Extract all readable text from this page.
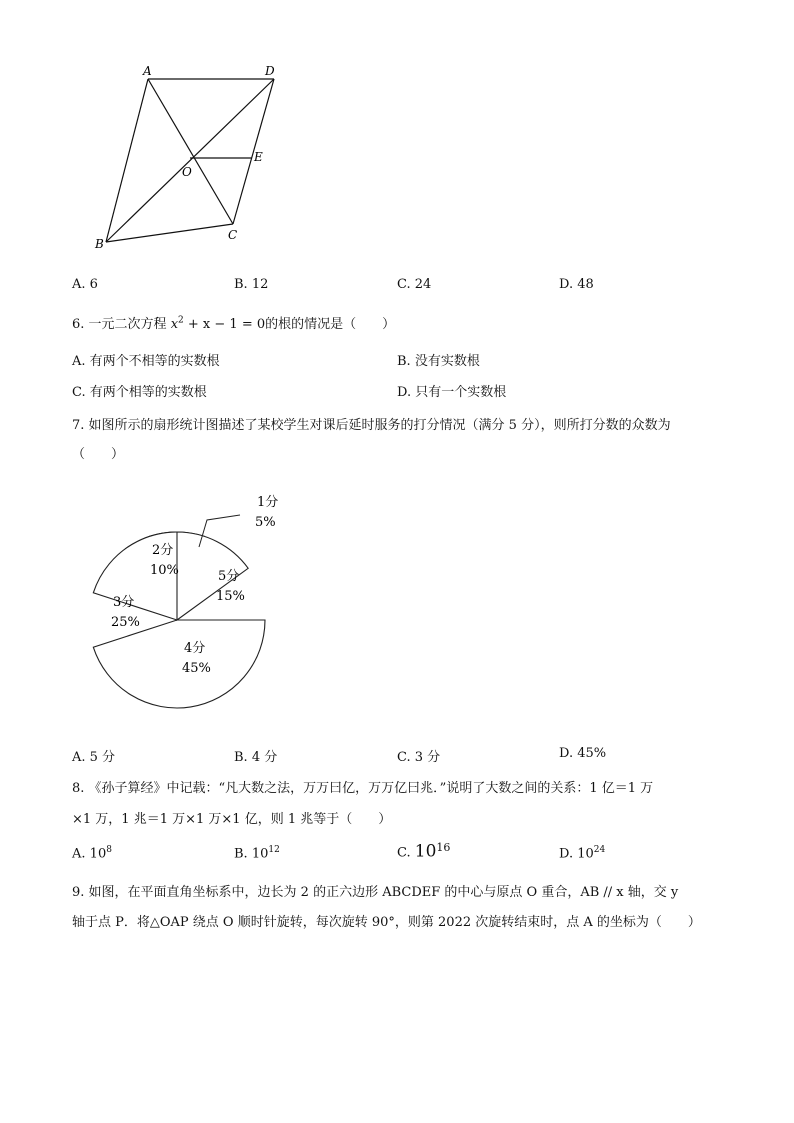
A	D
B
C
O
E
A. 6	B. 12	C. 24	D. 48
6. 一元二次方程 $x^2 + x - 1 = 0$的根的情况是（　　）
A. 有两个不相等的实数根	B. 没有实数根
C. 有两个相等的实数根	D. 只有一个实数根
7. 如图所示的扇形统计图描述了某校学生对课后延时服务的打分情况（满分 5 分），则所打分数的众数为
（　　）
1分
5%
2分
10%
3分
25%
4分
45%
5分
15%
A. 5 分	B. 4 分	C. 3 分	D. 45%
8. 《孙子算经》中记载：“凡大数之法，万万曰亿，万万亿曰兆．”说明了大数之间的关系：1 亿＝1 万
×1 万，1 兆＝1 万×1 万×1 亿，则 1 兆等于（　　）
A. $10^8$	B. $10^{12}$	C. $10^{16}$	D. $10^{24}$
9. 如图，在平面直角坐标系中，边长为 2 的正六边形 ABCDEF 的中心与原点 O 重合，AB // x 轴，交 y
轴于点 P．将△OAP 绕点 O 顺时针旋转，每次旋转 90°，则第 2022 次旋转结束时，点 A 的坐标为（　　）
